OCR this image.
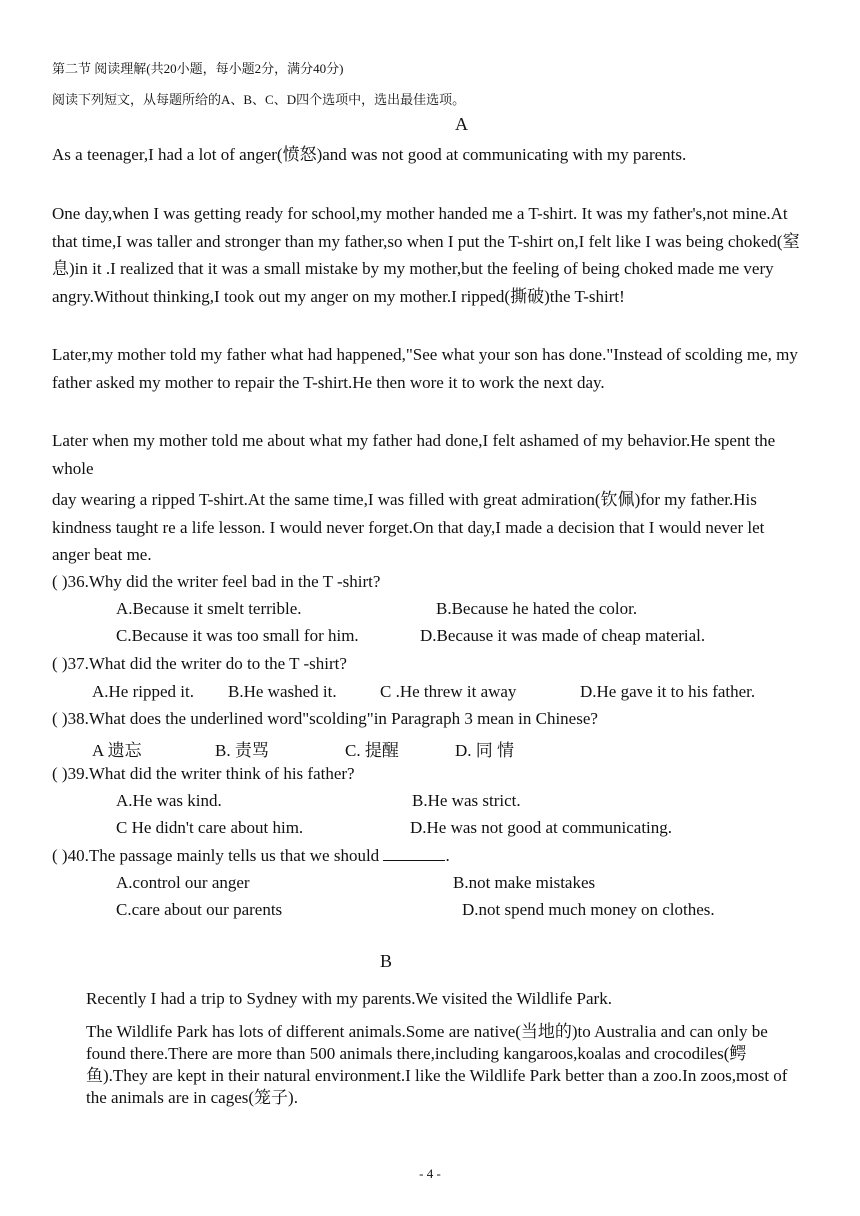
第二节 阅读理解(共20小题，每小题2分，满分40分)
阅读下列短文，从每题所给的A、B、C、D四个选项中，选出最佳选项。
A

As a teenager,I had a lot of anger(愤怒)and was not good at communicating with my parents.

One day,when I was getting ready for school,my mother handed me a T-shirt. It was my father's,not mine.At that time,I was taller and stronger than my father,so when I put the T-shirt on,I felt like I was being choked(窒息)in it .I realized that it was a small mistake by my mother,but the feeling of being choked made me very angry.Without thinking,I took out my anger on my mother.I ripped(撕破)the T-shirt!

Later,my mother told my father what had happened,"See what your son has done."Instead of scolding me, my father asked my mother to repair the T-shirt.He then wore it to work the next day.

Later when my mother told me about what my father had done,I felt ashamed of my behavior.He spent the whole

day wearing a ripped T-shirt.At the same time,I was filled with great admiration(钦佩)for my father.His kindness taught re a life lesson. I would never forget.On that day,I made a decision that I would never let anger beat me.

( )36.Why did the writer feel bad in the T -shirt?
A.Because it smelt terrible.	B.Because he hated the color.
C.Because it was too small for him.	D.Because it was made of cheap material.
( )37.What did the writer do to the T -shirt?
A.He ripped it. B.He washed it.	C .He threw it away	D.He gave it to his father.
( )38.What does the underlined word"scolding"in Paragraph 3 mean in Chinese?
A 遗忘	B. 责骂	C. 提醒	D. 同 情
( )39.What did the writer think of his father?
A.He was kind.	B.He was strict.
C He didn't care about him.	D.He was not good at communicating.
( )40.The passage mainly tells us that we should	.
A.control our anger	B.not make mistakes
C.care about our parents	D.not spend much money on clothes.
B

Recently I had a trip to Sydney with my parents.We visited the Wildlife Park.

The Wildlife Park has lots of different animals.Some are native(当地的)to Australia and can only be found there.There are more than 500 animals there,including kangaroos,koalas and crocodiles(鳄鱼).They are kept in their natural environment.I like the Wildlife Park better than a zoo.In zoos,most of the animals are in cages(笼子).

- 4 -
